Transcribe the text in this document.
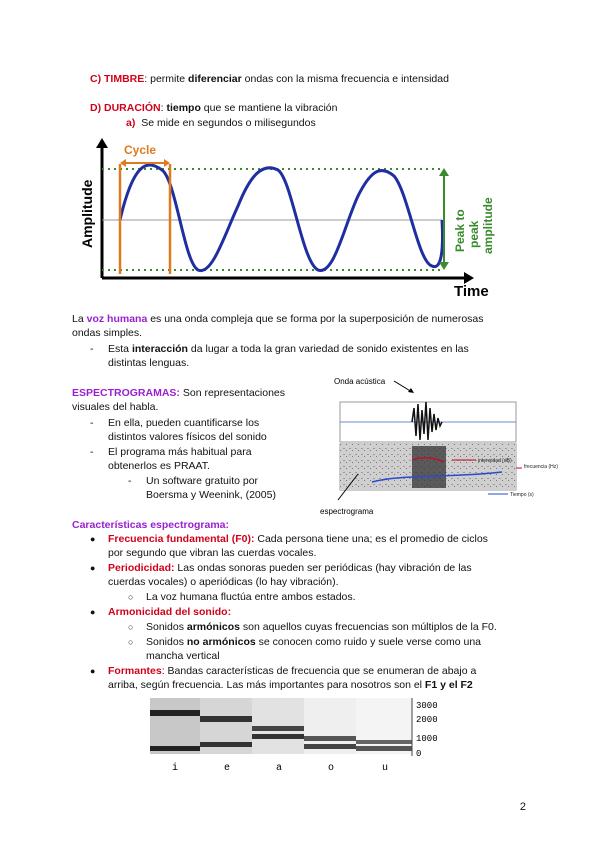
C) TIMBRE: permite diferenciar ondas con la misma frecuencia e intensidad
D) DURACIÓN: tiempo que se mantiene la vibración
a) Se mide en segundos o milisegundos
Cycle
Amplitude
Time
Peak to peak amplitude
La voz humana es una onda compleja que se forma por la superposición de numerosas
ondas simples.
- Esta interacción da lugar a toda la gran variedad de sonido existentes en las
distintas lenguas.
ESPECTROGRAMAS: Son representaciones
visuales del habla.
- En ella, pueden cuantificarse los
distintos valores físicos del sonido
- El programa más habitual para
obtenerlos es PRAAT.
- Un software gratuito por
Boersma y Weenink, (2005)
Onda acústica
intensidad (dB)
frecuencia (Hz)
Tiempo (s)
espectrograma
Características espectrograma:
● Frecuencia fundamental (F0): Cada persona tiene una; es el promedio de ciclos
por segundo que vibran las cuerdas vocales.
● Periodicidad: Las ondas sonoras pueden ser periódicas (hay vibración de las
cuerdas vocales) o aperiódicas (lo hay vibración).
○ La voz humana fluctúa entre ambos estados.
● Armonicidad del sonido:
○ Sonidos armónicos son aquellos cuyas frecuencias son múltiplos de la F0.
○ Sonidos no armónicos se conocen como ruido y suele verse como una
mancha vertical
● Formantes: Bandas características de frecuencia que se enumeran de abajo a
arriba, según frecuencia. Las más importantes para nosotros son el F1 y el F2
3000
2000
1000
0
i	e	a	o	u
2
